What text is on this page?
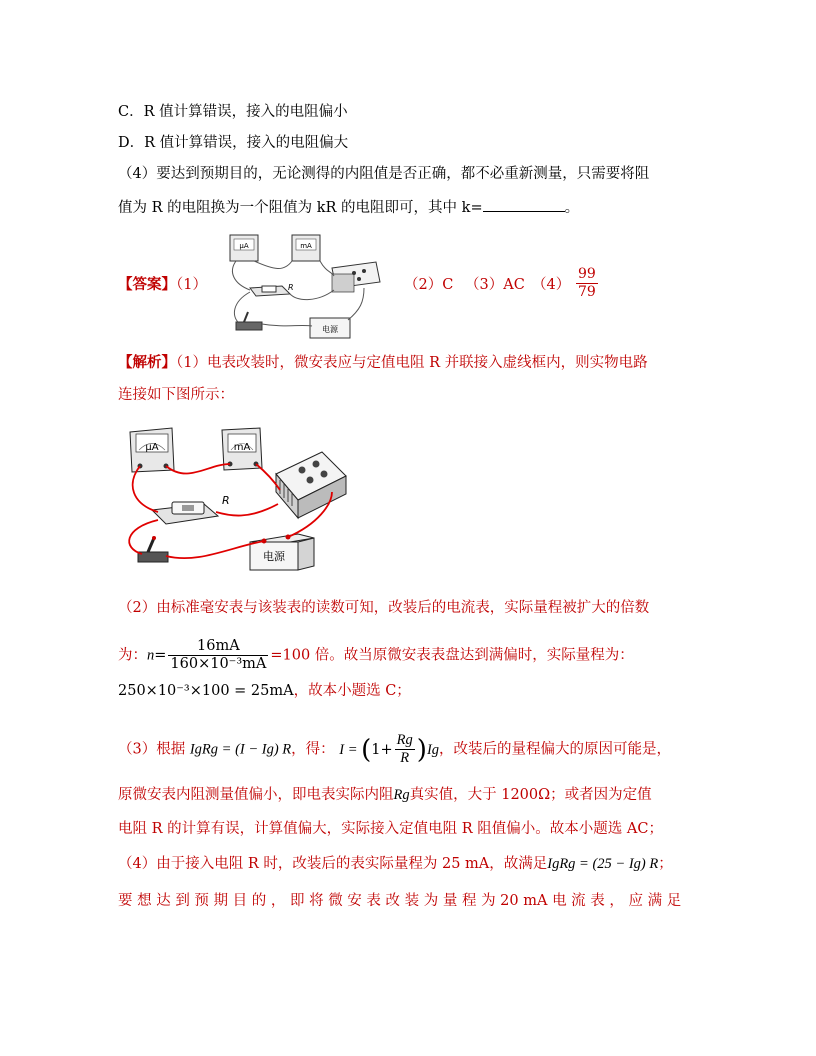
C．R 值计算错误，接入的电阻偏小
D．R 值计算错误，接入的电阻偏大
（4）要达到预期目的，无论测得的内阻值是否正确，都不必重新测量，只需要将阻
值为 R 的电阻换为一个阻值为 kR 的电阻即可，其中 k=	。
【答案】（1）
μA	mA
R
电源
（2）C （3）AC $(4) \frac{99}{79}$
【解析】（1）电表改装时，微安表应与定值电阻 R 并联接入虚线框内，则实物电路
连接如下图所示：
μA	mA
R
电源
（2）由标准毫安表与该装表的读数可知，改装后的电流表，实际量程被扩大的倍数
为：$n= \frac{16mA}{\text{160×10⁻³mA}} =100$ 倍。故当原微安表表盘达到满偏时，实际量程为：
250×10⁻³×100 = 25mA，故本小题选 C；
（3）根据 IgRg = (I − Ig) R，得： $I = (1+ \frac{Rg}{R} )Ig$，改装后的量程偏大的原因可能是，
原微安表内阻测量值偏小，即电表实际内阻Rg真实值，大于 1200Ω；或者因为定值
电阻 R 的计算有误，计算值偏大，实际接入定值电阻 R 阻值偏小。故本小题选 AC；
（4）由于接入电阻 R 时，改装后的表实际量程为 25 mA，故满足IgRg = (25 − Ig) R；
要 想 达 到 预 期 目 的 ， 即 将 微 安 表 改 装 为 量 程 为 20 mA 电 流 表 ， 应 满 足
